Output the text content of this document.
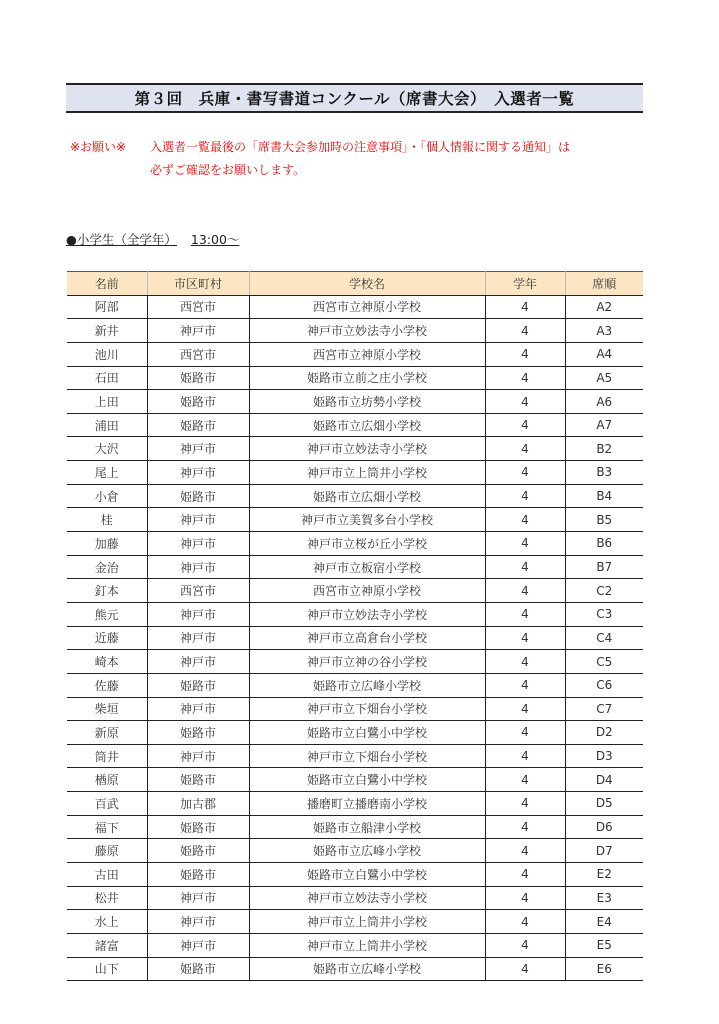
第３回　兵庫・書写書道コンクール（席書大会）　入選者一覧
※お願い※	入選者一覧最後の「席書大会参加時の注意事項」・「個人情報に関する通知」は
必ずご確認をお願いします。
●小学生（全学年） 13:00～
名前	市区町村	学校名	学年	席順
阿部	西宮市	西宮市立神原小学校	4	A2
新井	神戸市	神戸市立妙法寺小学校	4	A3
池川	西宮市	西宮市立神原小学校	4	A4
石田	姫路市	姫路市立前之庄小学校	4	A5
上田	姫路市	姫路市立坊勢小学校	4	A6
浦田	姫路市	姫路市立広畑小学校	4	A7
大沢	神戸市	神戸市立妙法寺小学校	4	B2
尾上	神戸市	神戸市立上筒井小学校	4	B3
小倉	姫路市	姫路市立広畑小学校	4	B4
桂	神戸市	神戸市立美賀多台小学校	4	B5
加藤	神戸市	神戸市立桜が丘小学校	4	B6
金治	神戸市	神戸市立板宿小学校	4	B7
釘本	西宮市	西宮市立神原小学校	4	C2
熊元	神戸市	神戸市立妙法寺小学校	4	C3
近藤	神戸市	神戸市立高倉台小学校	4	C4
崎本	神戸市	神戸市立神の谷小学校	4	C5
佐藤	姫路市	姫路市立広峰小学校	4	C6
柴垣	神戸市	神戸市立下畑台小学校	4	C7
新原	姫路市	姫路市立白鷺小中学校	4	D2
筒井	神戸市	神戸市立下畑台小学校	4	D3
楢原	姫路市	姫路市立白鷺小中学校	4	D4
百武	加古郡	播磨町立播磨南小学校	4	D5
福下	姫路市	姫路市立船津小学校	4	D6
藤原	姫路市	姫路市立広峰小学校	4	D7
古田	姫路市	姫路市立白鷺小中学校	4	E2
松井	神戸市	神戸市立妙法寺小学校	4	E3
水上	神戸市	神戸市立上筒井小学校	4	E4
諸富	神戸市	神戸市立上筒井小学校	4	E5
山下	姫路市	姫路市立広峰小学校	4	E6
